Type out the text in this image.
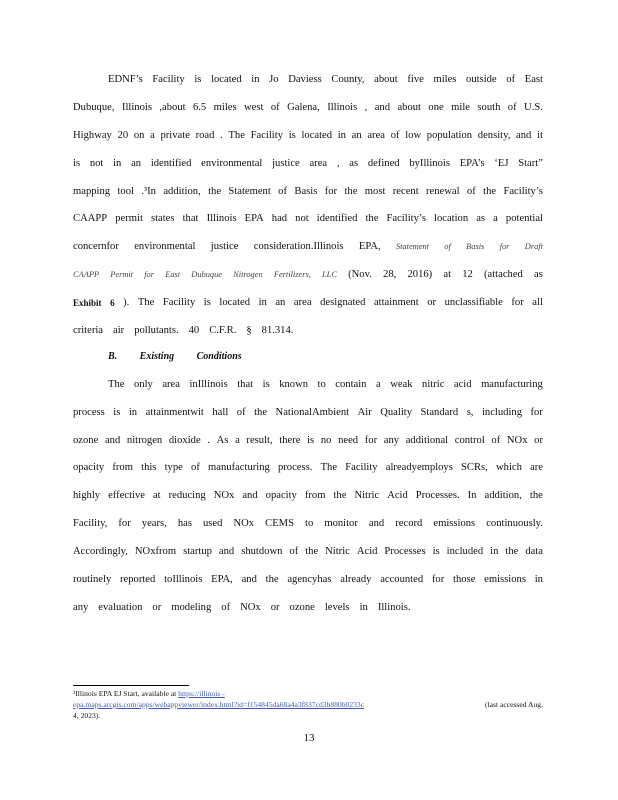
EDNF’s Facility is located in Jo Daviess County, about five miles outside of East
Dubuque, Illinois ,about 6.5 miles west of Galena, Illinois , and about one mile south of U.S.
Highway 20 on a private road . The Facility is located in an area of low population density, and it
is not in an identified environmental justice area , as defined byIllinois EPA’s ‘EJ Start”
mapping tool .³In addition, the Statement of Basis for the most recent renewal of the Facility’s
CAAPP permit states that Illinois EPA had not identified the Facility’s location as a potential
concernfor environmental justice consideration.Illinois EPA, Statement of Basis for Draft
CAAPP Permit for East Dubuque Nitrogen Fertilizers, LLC (Nov. 28, 2016) at 12 (attached as
Exhibit 6 ). The Facility is located in an area designated attainment or unclassifiable for all
criteria air pollutants. 40 C.F.R. § 81.314.
B. Existing Conditions
The only area inIllinois that is known to contain a weak nitric acid manufacturing
process is in attainmentwit hall of the NationalAmbient Air Quality Standard s, including for
ozone and nitrogen dioxide . As a result, there is no need for any additional control of NOx or
opacity from this type of manufacturing process. The Facility alreadyemploys SCRs, which are
highly effective at reducing NOx and opacity from the Nitric Acid Processes. In addition, the
Facility, for years, has used NOx CEMS to monitor and record emissions continuously.
Accordingly, NOxfrom startup and shutdown of the Nitric Acid Processes is included in the data
routinely reported toIllinois EPA, and the agencyhas already accounted for those emissions in
any evaluation or modeling of NOx or ozone levels in Illinois.
³Illinois EPA EJ Start, available at https://illinois -
epa.maps.arcgis.com/apps/webappviewer/index.html?id=f154845da68a4a3f837cd3b880b0233c	(last accessed Aug.
4, 2023).
13
